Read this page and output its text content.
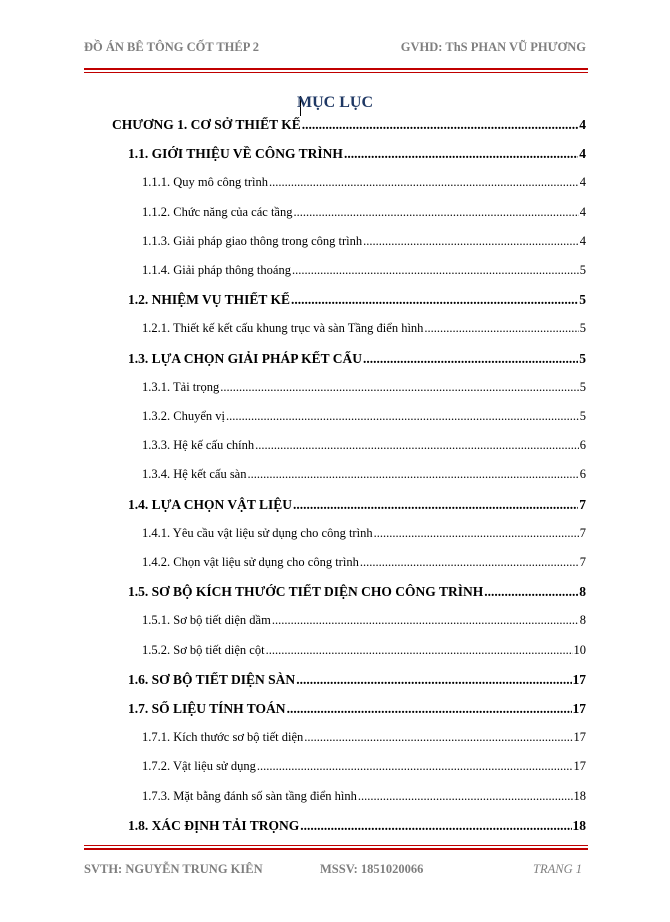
ĐỒ ÁN BÊ TÔNG CỐT THÉP 2	GVHD: ThS PHAN VŨ PHƯƠNG
MỤC LỤC
CHƯƠNG 1. CƠ SỞ THIẾT KẾ .....	4
1.1. GIỚI THIỆU VỀ CÔNG TRÌNH .....	4
1.1.1. Quy mô công trình .....	4
1.1.2. Chức năng của các tầng .....	4
1.1.3. Giải pháp giao thông trong công trình .....	4
1.1.4. Giải pháp thông thoáng .....	5
1.2. NHIỆM VỤ THIẾT KẾ .....	5
1.2.1. Thiết kế kết cấu khung trục và sàn Tầng điển hình .....	5
1.3. LỰA CHỌN GIẢI PHÁP KẾT CẤU .....	5
1.3.1. Tải trọng .....	5
1.3.2. Chuyển vị .....	5
1.3.3. Hệ kế cấu chính .....	6
1.3.4. Hệ kết cấu sàn .....	6
1.4. LỰA CHỌN VẬT LIỆU .....	7
1.4.1. Yêu cầu vật liệu sử dụng cho công trình .....	7
1.4.2. Chọn vật liệu sử dụng cho công trình .....	7
1.5. SƠ BỘ KÍCH THƯỚC TIẾT DIỆN CHO CÔNG TRÌNH .....	8
1.5.1. Sơ bộ tiết diện dầm .....	8
1.5.2. Sơ bộ tiết diện cột .....	10
1.6. SƠ BỘ TIẾT DIỆN SÀN .....	17
1.7. SỐ LIỆU TÍNH TOÁN .....	17
1.7.1. Kích thước sơ bộ tiết diện .....	17
1.7.2. Vật liệu sử dụng .....	17
1.7.3. Mặt bằng đánh số sàn tầng điển hình .....	18
1.8. XÁC ĐỊNH TẢI TRỌNG .....	18
SVTH: NGUYỄN TRUNG KIÊN	MSSV: 1851020066	TRANG 1
